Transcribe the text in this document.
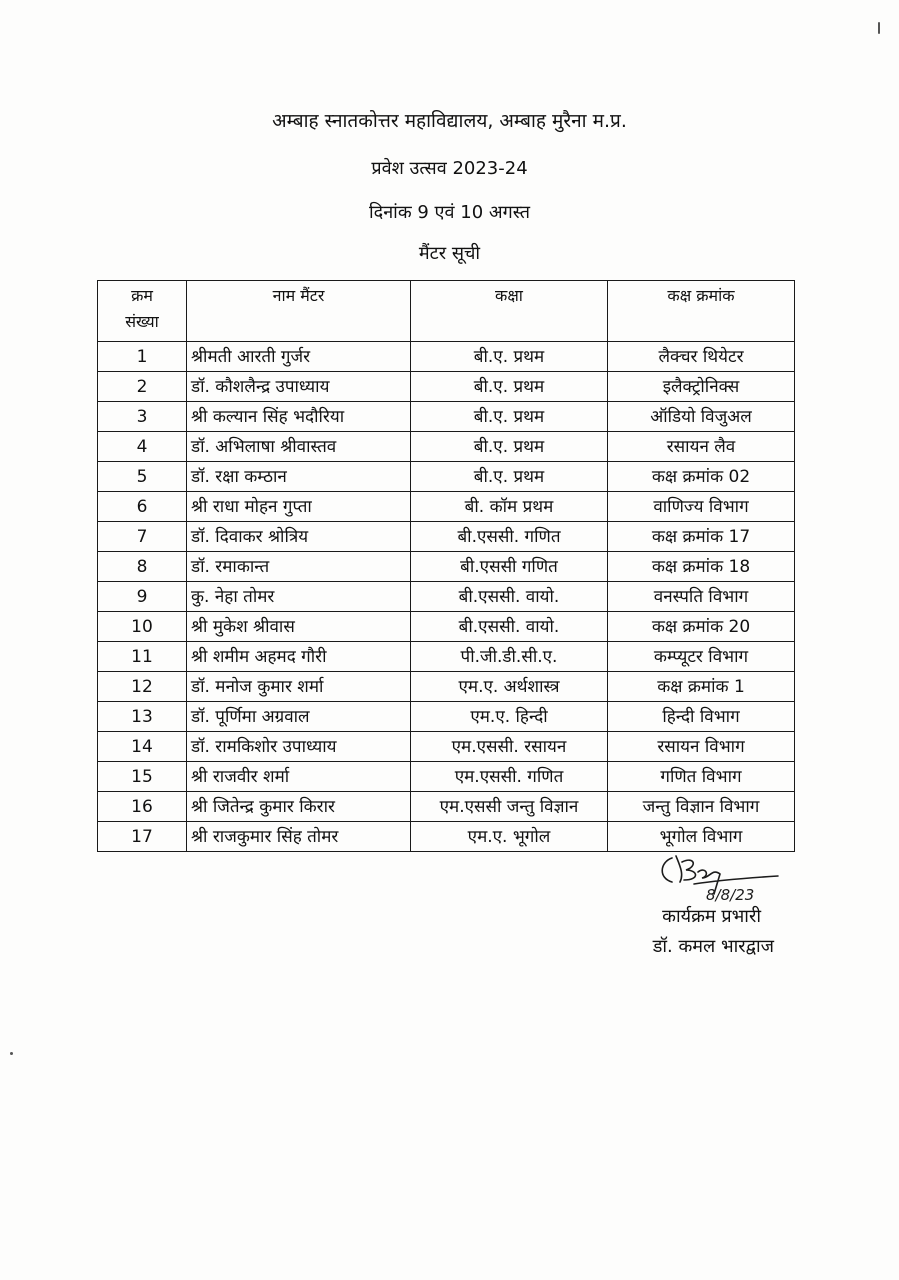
अम्बाह स्नातकोत्तर महाविद्यालय, अम्बाह मुरैना म.प्र.
प्रवेश उत्सव 2023-24
दिनांक 9 एवं 10 अगस्त
मैंटर सूची
क्रम
संख्या	नाम मैंटर	कक्षा	कक्ष क्रमांक
1	श्रीमती आरती गुर्जर	बी.ए. प्रथम	लैक्चर थियेटर
2	डॉ. कौशलैन्द्र उपाध्याय	बी.ए. प्रथम	इलैक्ट्रोनिक्स
3	श्री कल्यान सिंह भदौरिया	बी.ए. प्रथम	ऑडियो विजुअल
4	डॉ. अभिलाषा श्रीवास्तव	बी.ए. प्रथम	रसायन लैव
5	डॉ. रक्षा कम्ठान	बी.ए. प्रथम	कक्ष क्रमांक 02
6	श्री राधा मोहन गुप्ता	बी. कॉम प्रथम	वाणिज्य विभाग
7	डॉ. दिवाकर श्रोत्रिय	बी.एससी. गणित	कक्ष क्रमांक 17
8	डॉ. रमाकान्त	बी.एससी गणित	कक्ष क्रमांक 18
9	कु. नेहा तोमर	बी.एससी. वायो.	वनस्पति विभाग
10	श्री मुकेश श्रीवास	बी.एससी. वायो.	कक्ष क्रमांक 20
11	श्री शमीम अहमद गौरी	पी.जी.डी.सी.ए.	कम्प्यूटर विभाग
12	डॉ. मनोज कुमार शर्मा	एम.ए. अर्थशास्त्र	कक्ष क्रमांक 1
13	डॉ. पूर्णिमा अग्रवाल	एम.ए. हिन्दी	हिन्दी विभाग
14	डॉ. रामकिशोर उपाध्याय	एम.एससी. रसायन	रसायन विभाग
15	श्री राजवीर शर्मा	एम.एससी. गणित	गणित विभाग
16	श्री जितेन्द्र कुमार किरार	एम.एससी जन्तु विज्ञान	जन्तु विज्ञान विभाग
17	श्री राजकुमार सिंह तोमर	एम.ए. भूगोल	भूगोल विभाग
8/8/23
कार्यक्रम प्रभारी
डॉ. कमल भारद्वाज
